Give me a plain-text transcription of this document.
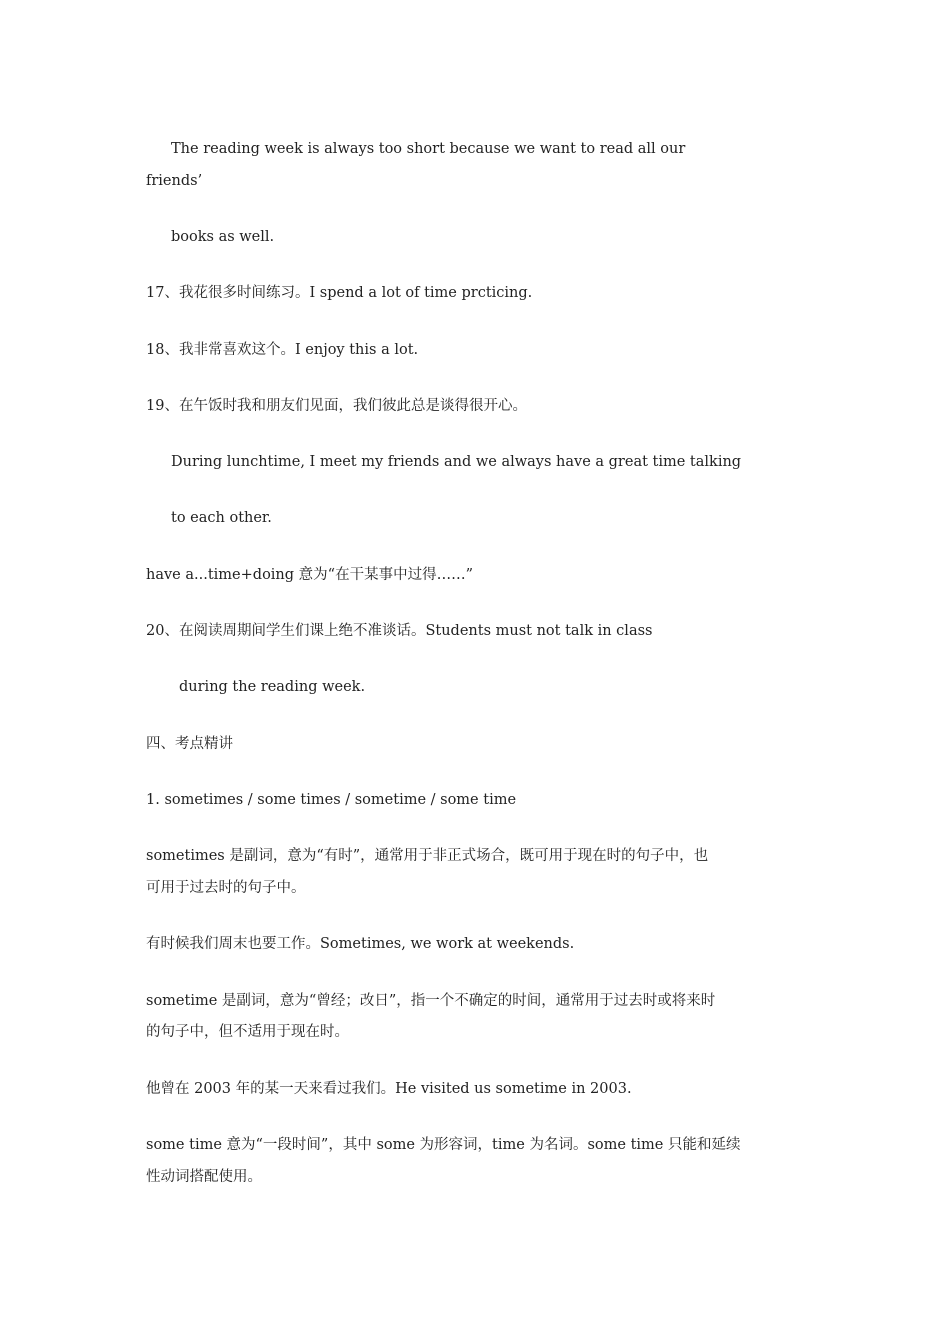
The reading week is always too short because we want to read all our
friends’
books as well.
17、我花很多时间练习。I spend a lot of time prcticing.
18、我非常喜欢这个。I enjoy this a lot.
19、在午饭时我和朋友们见面，我们彼此总是谈得很开心。
During lunchtime, I meet my friends and we always have a great time talking
to each other.
have a...time+doing 意为“在干某事中过得……”
20、在阅读周期间学生们课上绝不准谈话。Students must not talk in class
during the reading week.
四、考点精讲
1. sometimes / some times / sometime / some time
sometimes 是副词，意为“有时”，通常用于非正式场合，既可用于现在时的句子中，也
可用于过去时的句子中。
有时候我们周末也要工作。Sometimes, we work at weekends.
sometime 是副词，意为“曾经；改日”，指一个不确定的时间，通常用于过去时或将来时
的句子中，但不适用于现在时。
他曾在 2003 年的某一天来看过我们。He visited us sometime in 2003.
some time 意为“一段时间”，其中 some 为形容词，time 为名词。some time 只能和延续
性动词搭配使用。
